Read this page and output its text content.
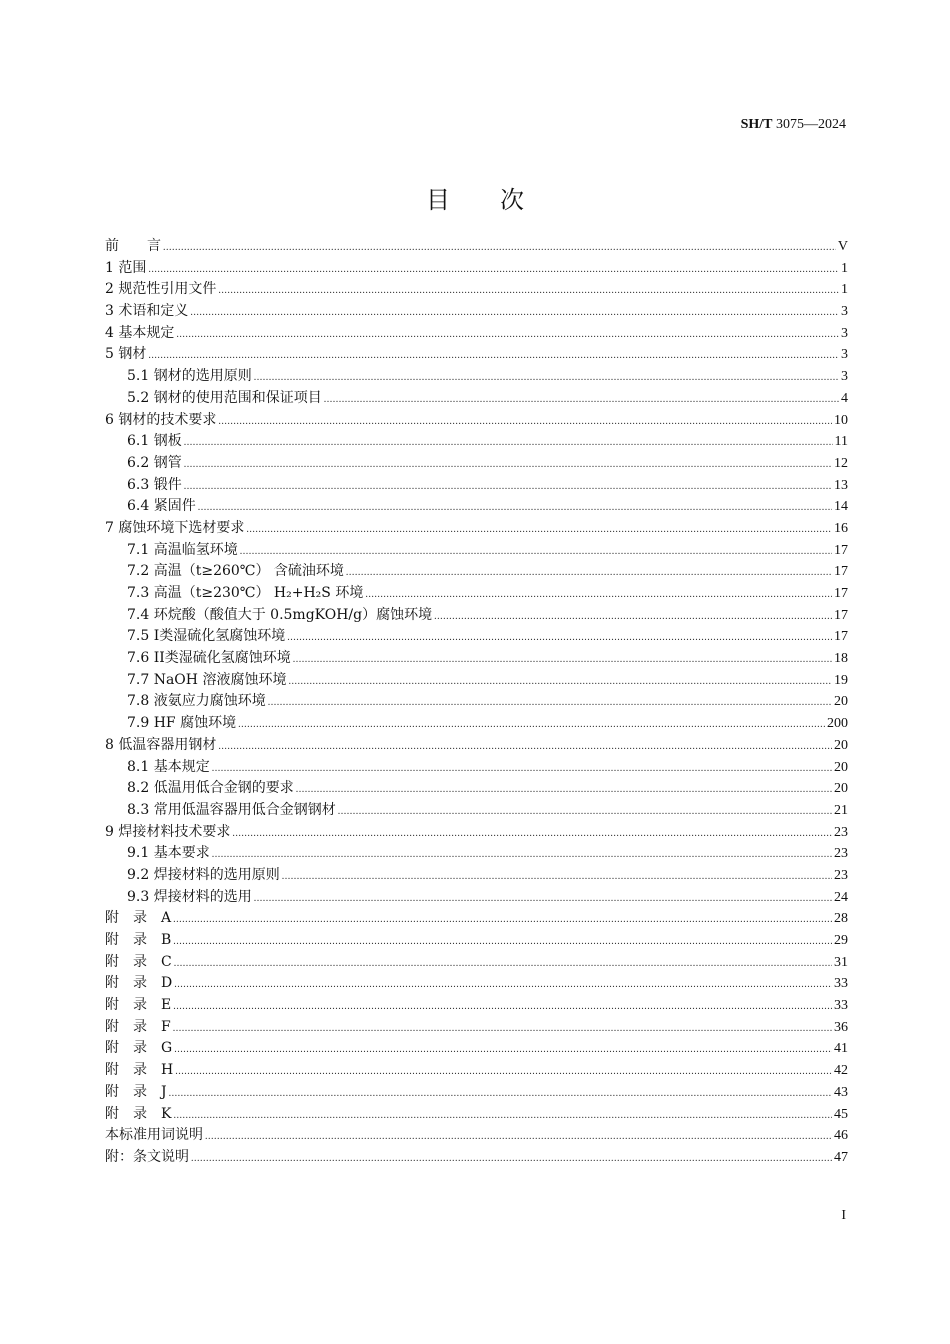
SH/T 3075—2024
目次
前　　言 .....	V
1 范围 .....	1
2 规范性引用文件 .....	1
3 术语和定义 .....	3
4 基本规定 .....	3
5 钢材 .....	3
5.1 钢材的选用原则 .....	3
5.2 钢材的使用范围和保证项目 .....	4
6 钢材的技术要求 .....	10
6.1 钢板 .....	11
6.2 钢管 .....	12
6.3 锻件 .....	13
6.4 紧固件 .....	14
7 腐蚀环境下选材要求 .....	16
7.1 高温临氢环境 .....	17
7.2 高温（t≥260℃） 含硫油环境 .....	17
7.3 高温（t≥230℃） H₂+H₂S 环境 .....	17
7.4 环烷酸（酸值大于 0.5mgKOH/g）腐蚀环境 .....	17
7.5 I类湿硫化氢腐蚀环境 .....	17
7.6 II类湿硫化氢腐蚀环境 .....	18
7.7 NaOH 溶液腐蚀环境 .....	19
7.8 液氨应力腐蚀环境 .....	20
7.9 HF 腐蚀环境 .....	200
8 低温容器用钢材 .....	20
8.1 基本规定 .....	20
8.2 低温用低合金钢的要求 .....	20
8.3 常用低温容器用低合金钢钢材 .....	21
9 焊接材料技术要求 .....	23
9.1 基本要求 .....	23
9.2 焊接材料的选用原则 .....	23
9.3 焊接材料的选用 .....	24
附　录　A .....	28
附　录　B .....	29
附　录　C .....	31
附　录　D .....	33
附　录　E .....	33
附　录　F .....	36
附　录　G .....	41
附　录　H .....	42
附　录　J .....	43
附　录　K .....	45
本标准用词说明 .....	46
附：条文说明 .....	47
I
